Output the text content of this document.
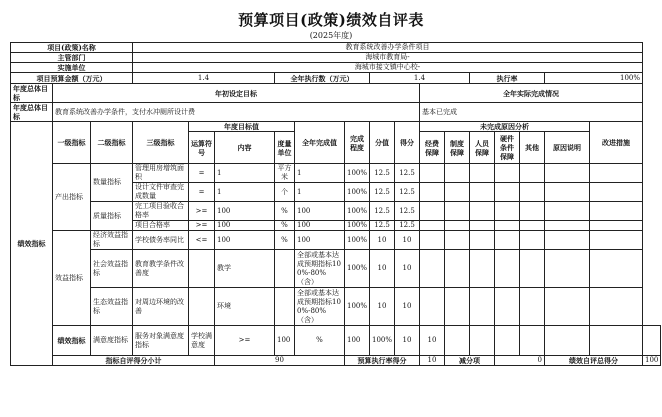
预算项目(政策)绩效自评表
(2025年度)
项目(政策)名称			教育系统改善办学条件项目															
主管部门			海城市教育局-															
实施单位			海城市接文镇中心校-															
项目预算金额（万元）			1.4			全年执行数（万元）			1.4				执行率			100%		
年度总体目标	年初设定目标										全年实际完成情况							
年度总体目标	教育系统改善办学条件，支付水冲厕所设计费										基本已完成							
绩效指标	一级指标	二级指标	三级指标	年度目标值			全年完成值	完成程度	分值	得分	未完成原因分析						改进措施	
				运算符号	内容	度量单位					经费保障	制度保障	人员保障	硬件条件保障	其他	原因说明		
	产出指标	数量指标	管理用房增筑面积	=	1	平方米	1	100%	12.5	12.5								
			设计文件审查完成数量	=	1	个	1	100%	12.5	12.5								
		质量指标	完工项目验收合格率	>=	100	%	100	100%	12.5	12.5								
			项目合格率	>=	100	%	100	100%	12.5	12.5								
	效益指标	经济效益指标	学校债务率同比	<=	100	%	100	100%	10	10								
		社会效益指标	教育教学条件改善度		教学		全部或基本达成预期指标100%-80%（含）	100%	10	10								
		生态效益指标	对周边环境的改善		环境		全部或基本达成预期指标100%-80%（含）	100%	10	10								
	绩效指标	满意度指标	服务对象满意度指标	学校满意度	>=	100	%	100	100%	10	10							
	指标自评得分小计				90			预算执行率得分			10	减分项		0		绩效自评总得分		100
